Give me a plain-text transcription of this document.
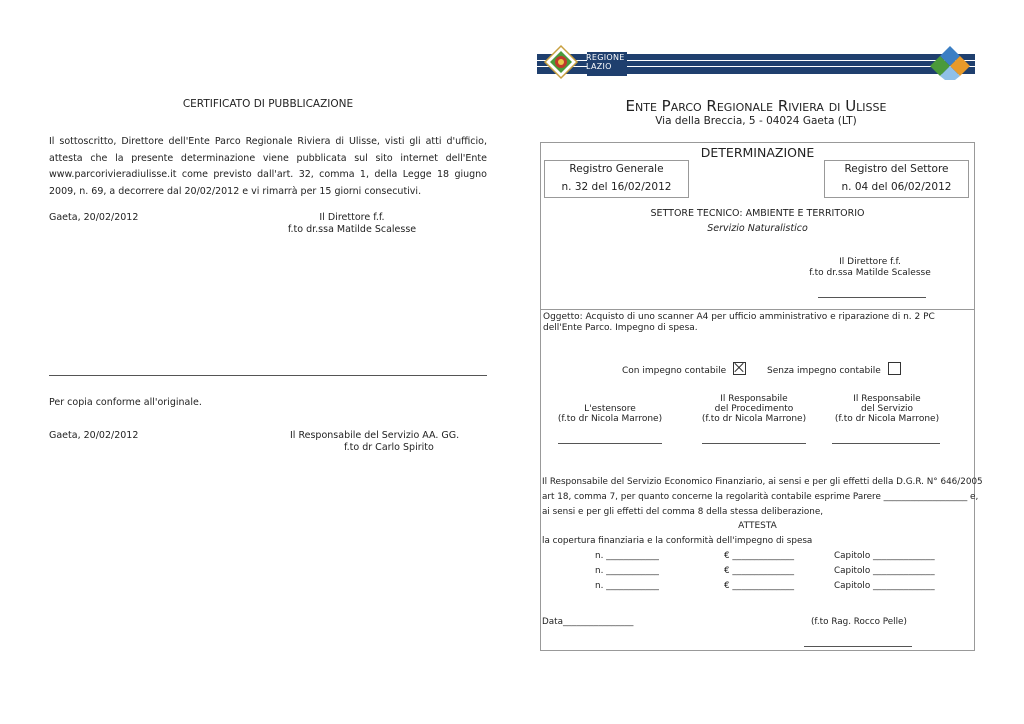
CERTIFICATO DI PUBBLICAZIONE
Il sottoscritto, Direttore dell'Ente Parco Regionale Riviera di Ulisse, visti gli atti d'ufficio, attesta che la presente determinazione viene pubblicata sul sito internet dell'Ente www.parcorivieradiulisse.it come previsto dall'art. 32, comma 1, della Legge 18 giugno 2009, n. 69, a decorrere dal 20/02/2012 e vi rimarrà per 15 giorni consecutivi.
Gaeta, 20/02/2012	Il Direttore f.f.
f.to dr.ssa Matilde Scalesse
Per copia conforme all'originale.
Gaeta, 20/02/2012	Il Responsabile del Servizio AA. GG.
f.to dr Carlo Spirito
REGIONE
LAZIO
Ente Parco Regionale Riviera di Ulisse
Via della Breccia, 5 - 04024 Gaeta (LT)
DETERMINAZIONE
Registro Generale
n. 32 del 16/02/2012
Registro del Settore
n. 04 del 06/02/2012
SETTORE TECNICO: AMBIENTE E TERRITORIO
Servizio Naturalistico
Il Direttore f.f.
f.to dr.ssa Matilde Scalesse
Oggetto: Acquisto di uno scanner A4 per ufficio amministrativo e riparazione di n. 2 PC dell'Ente Parco. Impegno di spesa.
Con impegno contabile	Senza impegno contabile
L'estensore
(f.to dr Nicola Marrone)
Il Responsabile
del Procedimento
(f.to dr Nicola Marrone)
Il Responsabile
del Servizio
(f.to dr Nicola Marrone)
Il Responsabile del Servizio Economico Finanziario, ai sensi e per gli effetti della D.G.R. N° 646/2005
art 18, comma 7, per quanto concerne la regolarità contabile esprime Parere ___________________ e,
ai sensi e per gli effetti del comma 8 della stessa deliberazione,
ATTESTA
la copertura finanziaria e la conformità dell'impegno di spesa
n. ____________	€ ______________	Capitolo ______________
n. ____________	€ ______________	Capitolo ______________
n. ____________	€ ______________	Capitolo ______________
Data________________	(f.to Rag. Rocco Pelle)
